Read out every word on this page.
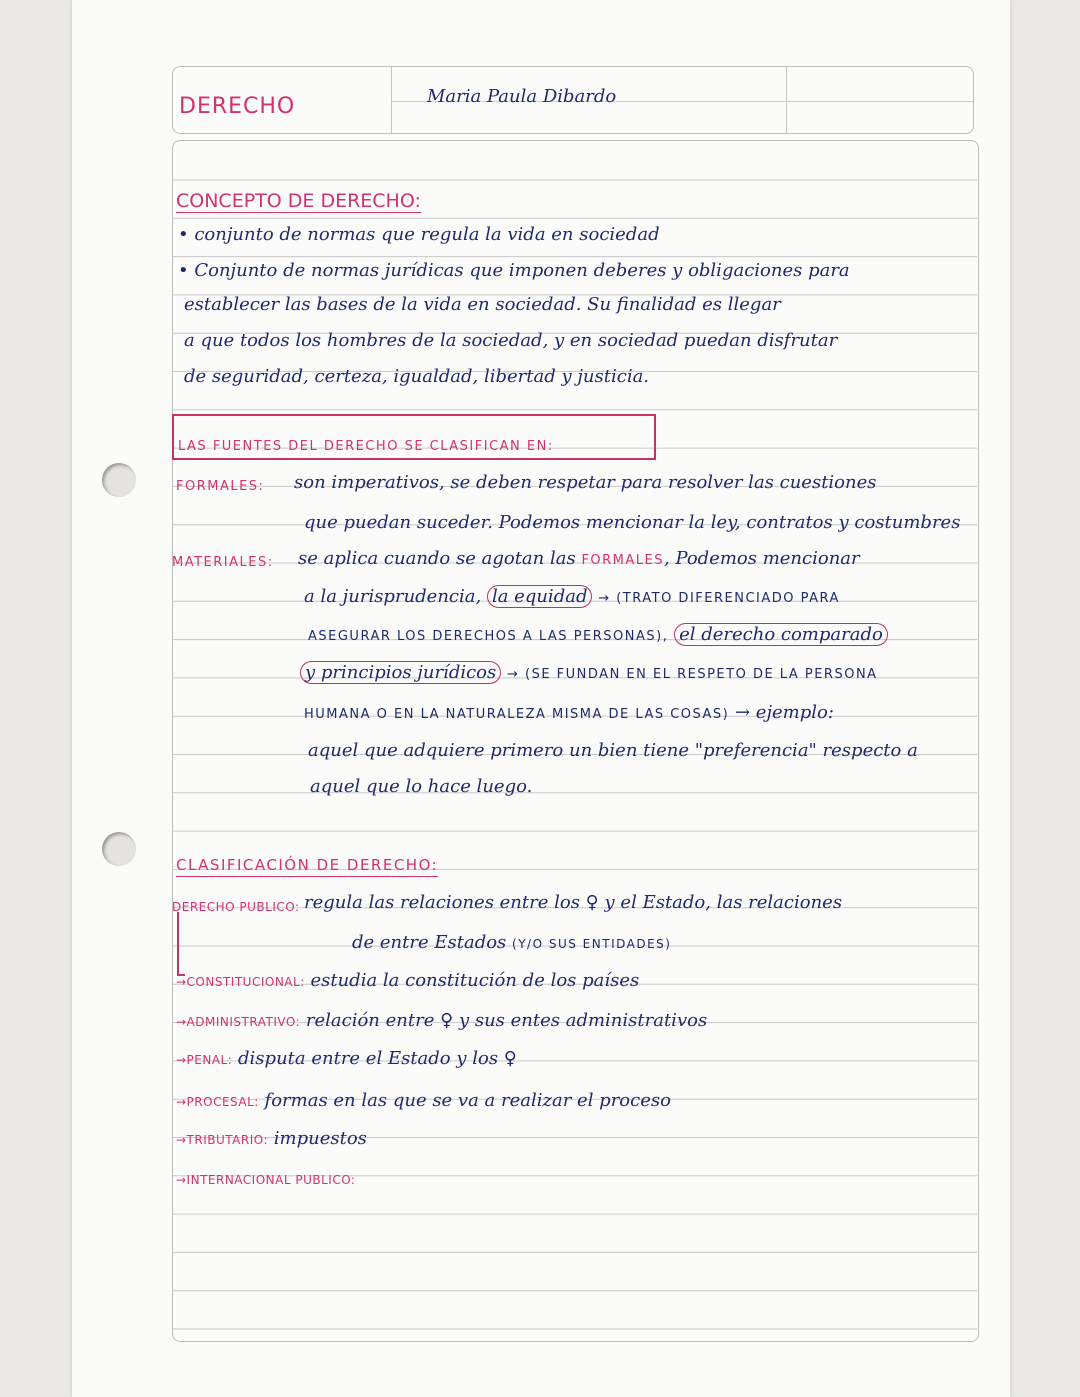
DERECHO	Maria Paula Dibardo
CONCEPTO DE DERECHO:
• conjunto de normas que regula la vida en sociedad
• Conjunto de normas jurídicas que imponen deberes y obligaciones para
establecer las bases de la vida en sociedad. Su finalidad es llegar
a que todos los hombres de la sociedad, y en sociedad puedan disfrutar
de seguridad, certeza, igualdad, libertad y justicia.
LAS FUENTES DEL DERECHO SE CLASIFICAN EN:
FORMALES: son imperativos, se deben respetar para resolver las cuestiones
que puedan suceder. Podemos mencionar la ley, contratos y costumbres
MATERIALES: se aplica cuando se agotan las FORMALES, Podemos mencionar
a la jurisprudencia, la equidad → (TRATO DIFERENCIADO PARA
ASEGURAR LOS DERECHOS A LAS PERSONAS), el derecho comparado
y principios jurídicos → (SE FUNDAN EN EL RESPETO DE LA PERSONA
HUMANA O EN LA NATURALEZA MISMA DE LAS COSAS) → ejemplo:
aquel que adquiere primero un bien tiene "preferencia" respecto a
aquel que lo hace luego.
CLASIFICACIÓN DE DERECHO:
DERECHO PUBLICO: regula las relaciones entre los ♀ y el Estado, las relaciones
de entre Estados (Y/O SUS ENTIDADES)
→CONSTITUCIONAL: estudia la constitución de los países
→ADMINISTRATIVO: relación entre ♀ y sus entes administrativos
→PENAL: disputa entre el Estado y los ♀
→PROCESAL: formas en las que se va a realizar el proceso
→TRIBUTARIO: impuestos
→INTERNACIONAL PUBLICO:
